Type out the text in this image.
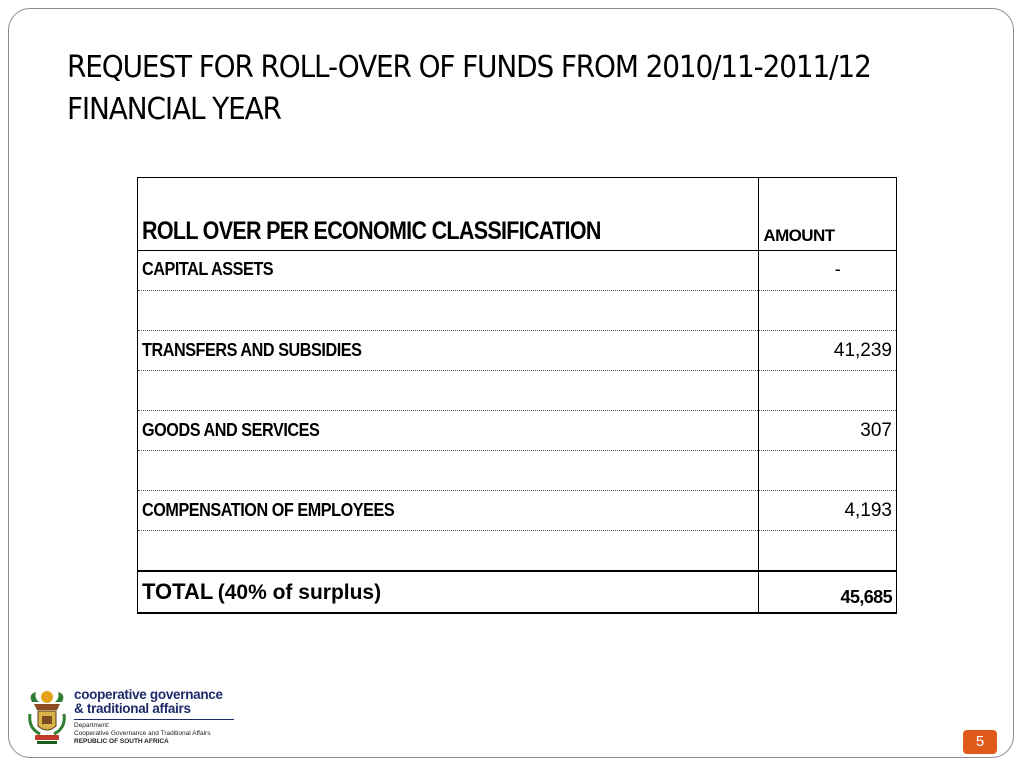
REQUEST FOR ROLL-OVER OF FUNDS FROM 2010/11-2011/12 FINANCIAL YEAR
ROLL OVER PER ECONOMIC CLASSIFICATION	AMOUNT
CAPITAL ASSETS	-

TRANSFERS AND SUBSIDIES	41,239

GOODS AND SERVICES	307

COMPENSATION OF EMPLOYEES	4,193

TOTAL (40% of surplus)	45,685
5
cooperative governance
& traditional affairs
Department:
Cooperative Governance and Traditional Affairs
REPUBLIC OF SOUTH AFRICA
